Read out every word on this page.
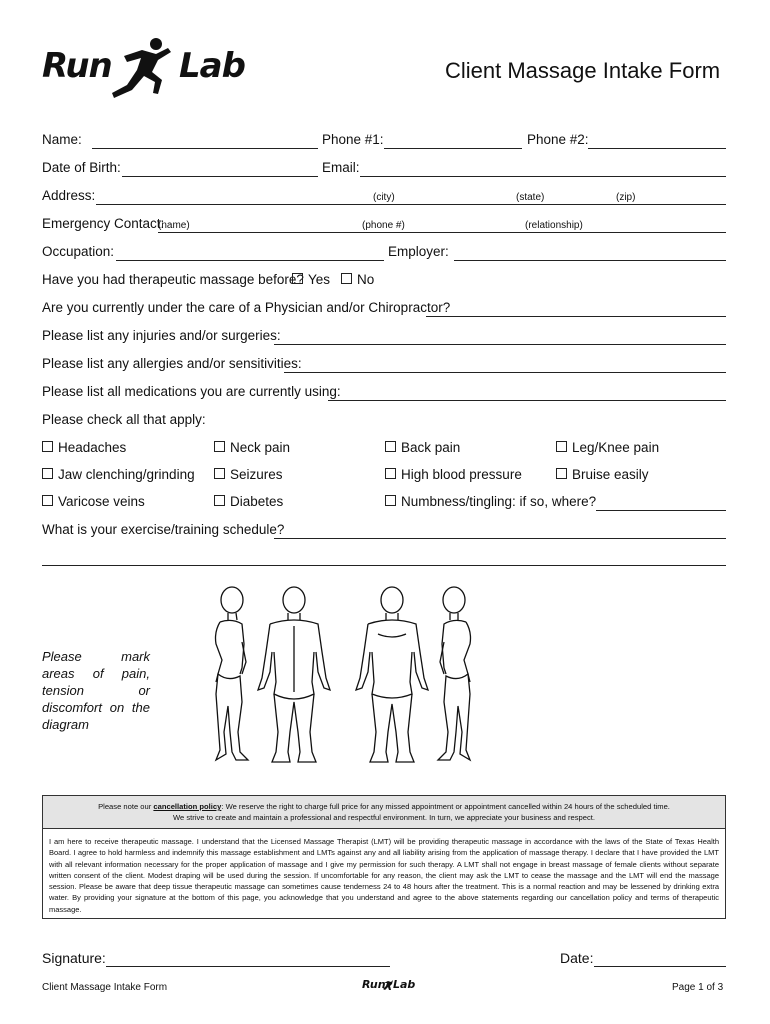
Run Lab	Client Massage Intake Form
Name:	Phone #1:	Phone #2:
Date of Birth:	Email:
Address:	(city)	(state)	(zip)
Emergency Contact:
(name)	(phone #)	(relationship)
Occupation:	Employer:
Have you had therapeutic massage before? Yes	No
Are you currently under the care of a Physician and/or Chiropractor?
Please list any injuries and/or surgeries:
Please list any allergies and/or sensitivities:
Please list all medications you are currently using:
Please check all that apply:
Headaches	Neck pain	Back pain	Leg/Knee pain
Jaw clenching/grinding	Seizures	High blood pressure	Bruise easily
Varicose veins	Diabetes	Numbness/tingling: if so, where?
What is your exercise/training schedule?
Please mark areas of pain, tension or discomfort on the diagram
Please note our cancellation policy: We reserve the right to charge full price for any missed appointment or appointment cancelled within 24 hours of the scheduled time.
We strive to create and maintain a professional and respectful environment. In turn, we appreciate your business and respect.
I am here to receive therapeutic massage. I understand that the Licensed Massage Therapist (LMT) will be providing therapeutic massage in accordance with the laws of the State of Texas Health Board. I agree to hold harmless and indemnify this massage establishment and LMTs against any and all liability arising from the application of massage therapy. I declare that I have provided the LMT with all relevant information necessary for the proper application of massage and I give my permission for such therapy. A LMT shall not engage in breast massage of female clients without separate written consent of the client. Modest draping will be used during the session. If uncomfortable for any reason, the client may ask the LMT to cease the massage and the LMT will end the massage session. Please be aware that deep tissue therapeutic massage can sometimes cause tenderness 24 to 48 hours after the treatment. This is a normal reaction and may be lessened by drinking extra water. By providing your signature at the bottom of this page, you acknowledge that you understand and agree to the above statements regarding our cancellation policy and terms of therapeutic massage.
Signature:	Date:
Client Massage Intake Form	Run Lab	Page 1 of 3
